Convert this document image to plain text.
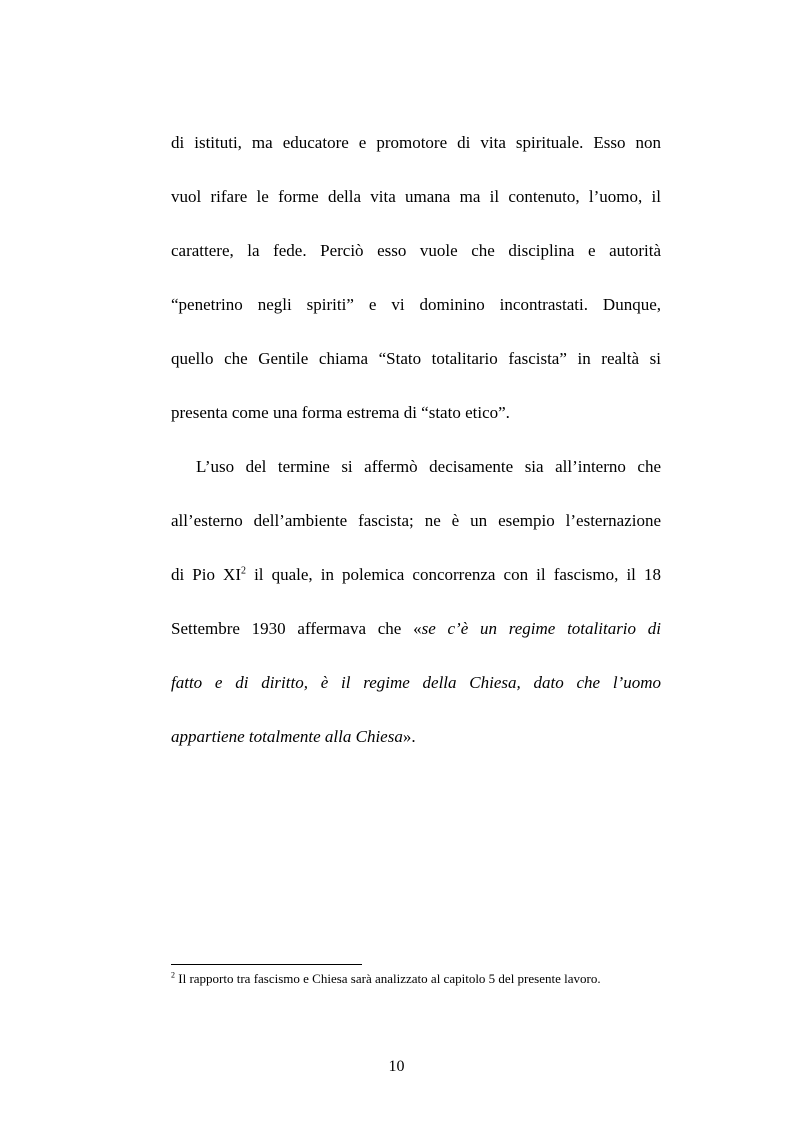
di istituti, ma educatore e promotore di vita spirituale. Esso non
vuol rifare le forme della vita umana ma il contenuto, l’uomo, il
carattere, la fede. Perciò esso vuole che disciplina e autorità
“penetrino negli spiriti” e vi dominino incontrastati. Dunque,
quello che Gentile chiama “Stato totalitario fascista” in realtà si
presenta come una forma estrema di “stato etico”.
L’uso del termine si affermò decisamente sia all’interno che
all’esterno dell’ambiente fascista; ne è un esempio l’esternazione
di Pio $XI^2$ il quale, in polemica concorrenza con il fascismo, il 18
Settembre 1930 affermava che «se c’è un regime totalitario di
fatto e di diritto, è il regime della Chiesa, dato che l’uomo
appartiene totalmente alla Chiesa».
$^2$ Il rapporto tra fascismo e Chiesa sarà analizzato al capitolo 5 del presente lavoro.
10
